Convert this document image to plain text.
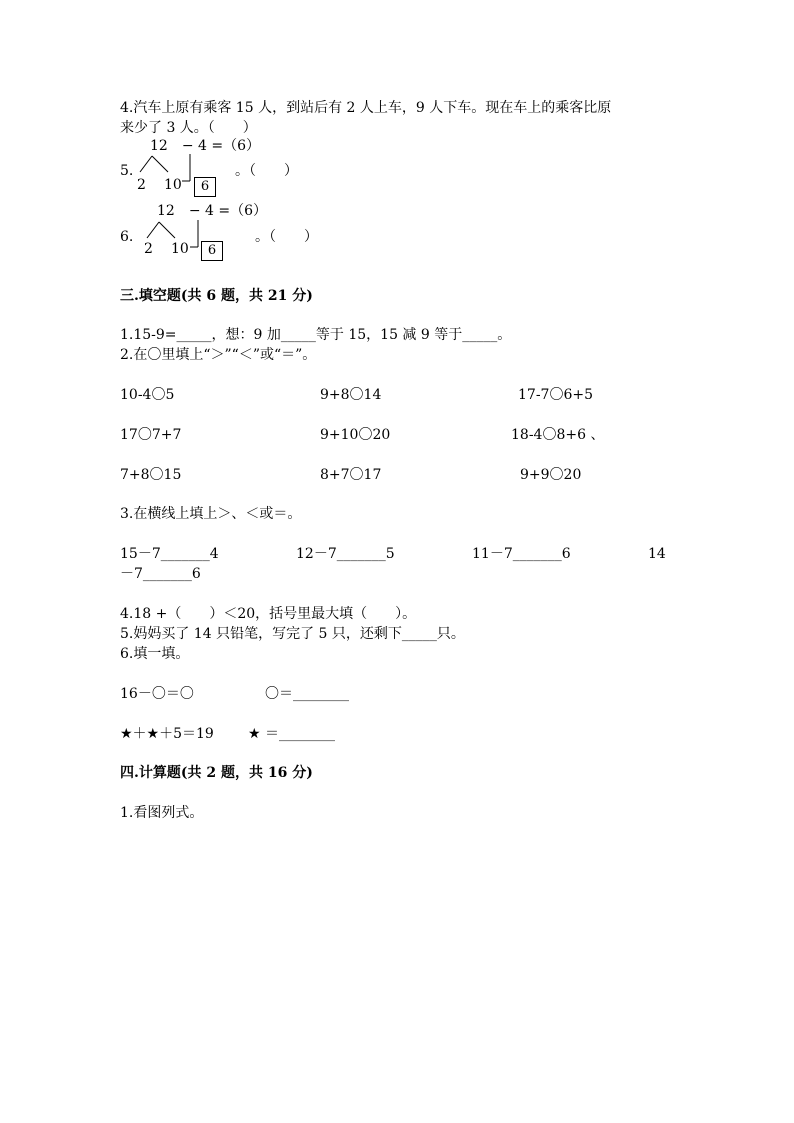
4.汽车上原有乘客 15 人，到站后有 2 人上车，9 人下车。现在车上的乘客比原
来少了 3 人。（　　）
12　− 4 =（6）
5.
2 10	6
。（　　）
12　− 4 =（6）
6.
2 10	6
。（　　）
三.填空题(共 6 题，共 21 分)
1.15-9=_____，想：9 加_____等于 15，15 减 9 等于_____。
2.在〇里填上“＞”“＜”或“＝”。
10-4〇5	9+8〇14	17-7〇6+5
17〇7+7	9+10〇20	18-4〇8+6 、
7+8〇15	8+7〇17	9+9〇20
3.在横线上填上＞、＜或＝。
15－7_______4	12－7_______5	11－7_______6	14
－7_______6
4.18 +（　　）＜20，括号里最大填（　　）。
5.妈妈买了 14 只铅笔，写完了 5 只，还剩下_____只。
6.填一填。
16－〇＝〇	〇＝________
★＋★＋5＝19 ★ ＝________
四.计算题(共 2 题，共 16 分)
1.看图列式。
